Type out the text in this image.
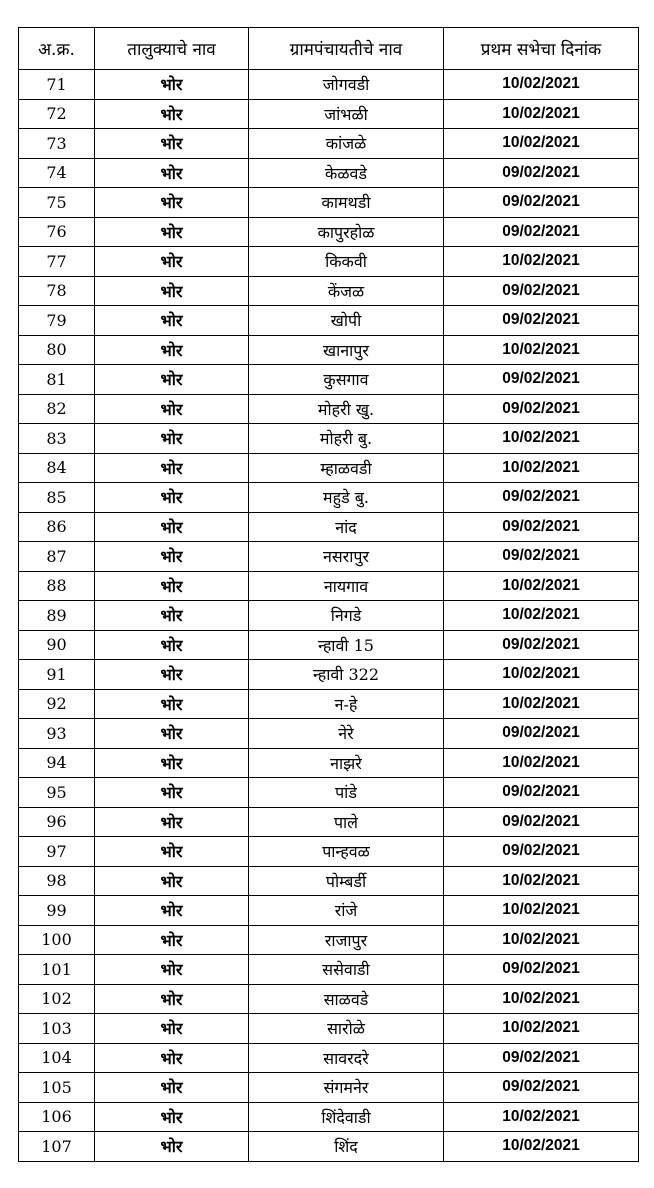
अ.क्र.	तालुक्याचे नाव	ग्रामपंचायतीचे नाव	प्रथम सभेचा दिनांक
71	भोर	जोगवडी	10/02/2021
72	भोर	जांभळी	10/02/2021
73	भोर	कांजळे	10/02/2021
74	भोर	केळवडे	09/02/2021
75	भोर	कामथडी	09/02/2021
76	भोर	कापुरहोळ	09/02/2021
77	भोर	किकवी	10/02/2021
78	भोर	केंजळ	09/02/2021
79	भोर	खोपी	09/02/2021
80	भोर	खानापुर	10/02/2021
81	भोर	कुसगाव	09/02/2021
82	भोर	मोहरी खु.	09/02/2021
83	भोर	मोहरी बु.	10/02/2021
84	भोर	म्हाळवडी	10/02/2021
85	भोर	महुडे बु.	09/02/2021
86	भोर	नांद	09/02/2021
87	भोर	नसरापुर	09/02/2021
88	भोर	नायगाव	10/02/2021
89	भोर	निगडे	10/02/2021
90	भोर	न्हावी 15	09/02/2021
91	भोर	न्हावी 322	10/02/2021
92	भोर	न-हे	10/02/2021
93	भोर	नेरे	09/02/2021
94	भोर	नाझरे	10/02/2021
95	भोर	पांडे	09/02/2021
96	भोर	पाले	09/02/2021
97	भोर	पान्हवळ	09/02/2021
98	भोर	पोम्बर्डी	10/02/2021
99	भोर	रांजे	10/02/2021
100	भोर	राजापुर	10/02/2021
101	भोर	ससेवाडी	09/02/2021
102	भोर	साळवडे	10/02/2021
103	भोर	सारोळे	10/02/2021
104	भोर	सावरदरे	09/02/2021
105	भोर	संगमनेर	09/02/2021
106	भोर	शिंदेवाडी	10/02/2021
107	भोर	शिंद	10/02/2021
